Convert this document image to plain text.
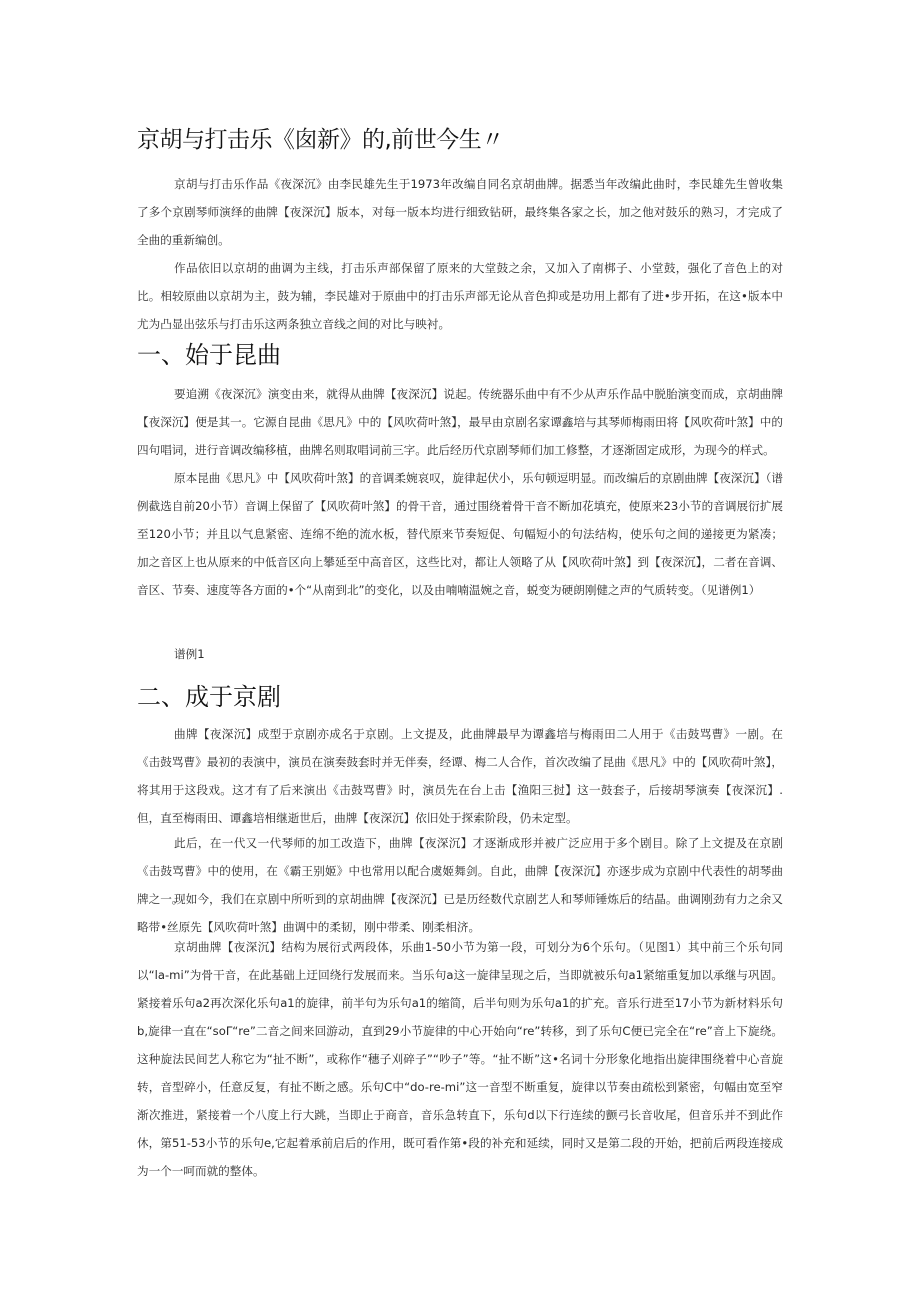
京胡与打击乐《囱新》的,前世今生〃

京胡与打击乐作品《夜深沉》由李民雄先生于1973年改编自同名京胡曲牌。据悉当年改编此曲时，李民雄先生曾收集了多个京剧琴师演绎的曲牌【夜深沉】版本，对每一版本均进行细致钻研，最终集各家之长，加之他对鼓乐的熟习，才完成了全曲的重新编创。

作品依旧以京胡的曲调为主线，打击乐声部保留了原来的大堂鼓之余，又加入了南梆子、小堂鼓，强化了音色上的对比。相较原曲以京胡为主，鼓为辅，李民雄对于原曲中的打击乐声部无论从音色抑或是功用上都有了进•步开拓，在这•版本中尤为凸显出弦乐与打击乐这两条独立音线之间的对比与映衬。

一、始于昆曲

要追溯《夜深沉》演变由来，就得从曲牌【夜深沉】说起。传统器乐曲中有不少从声乐作品中脱胎演变而成，京胡曲牌【夜深沉】便是其一。它源自昆曲《思凡》中的【风吹荷叶煞】，最早由京剧名家谭鑫培与其琴师梅雨田将【风吹荷叶煞】中的四句唱词，进行音调改编移植，曲牌名则取唱词前三字。此后经历代京剧琴师们加工修整，才逐渐固定成形，为现今的样式。

原本昆曲《思凡》中【风吹荷叶煞】的音调柔婉哀叹，旋律起伏小，乐句顿逗明显。而改编后的京剧曲牌【夜深沉】（谱例截选自前20小节）音调上保留了【风吹荷叶煞】的骨干音，通过围绕着骨干音不断加花填充，使原来23小节的音调展衍扩展至120小节；并且以气息紧密、连绵不绝的流水板，替代原来节奏短促、句幅短小的句法结构，使乐句之间的递接更为紧凑；加之音区上也从原来的中低音区向上攀延至中高音区，这些比对，都让人领略了从【风吹荷叶煞】到【夜深沉】，二者在音调、音区、节奏、速度等各方面的•个“从南到北”的变化，以及由喃喃温婉之音，蜕变为硬朗刚健之声的气质转变。（见谱例1）

谱例1
二、成于京剧

曲牌【夜深沉】成型于京剧亦成名于京剧。上文提及，此曲牌最早为谭鑫培与梅雨田二人用于《击鼓骂曹》一剧。在《击鼓骂曹》最初的表演中，演员在演奏鼓套时并无伴奏，经谭、梅二人合作，首次改编了昆曲《思凡》中的【风吹荷叶煞】，将其用于这段戏。这才有了后来演出《击鼓骂曹》时，演员先在台上击【渔阳三挝】这一鼓套子，后接胡琴演奏【夜深沉】.但，直至梅雨田、谭鑫培相继逝世后，曲牌【夜深沉】依旧处于探索阶段，仍未定型。

此后，在一代又一代琴师的加工改造下，曲牌【夜深沉】才逐渐成形并被广泛应用于多个剧目。除了上文提及在京剧《击鼓骂曹》中的使用，在《霸王别姬》中也常用以配合虞姬舞剑。自此，曲牌【夜深沉】亦逐步成为京剧中代表性的胡琴曲牌之一。

现如今，我们在京剧中所听到的京胡曲牌【夜深沉】已是历经数代京剧艺人和琴师锤炼后的结晶。曲调刚劲有力之余又略带•丝原先【风吹荷叶煞】曲调中的柔韧，刚中带柔、刚柔相济。

京胡曲牌【夜深沉】结构为展衍式两段体，乐曲1-50小节为第一段，可划分为6个乐句。（见图1）其中前三个乐句同以“la-mi”为骨干音，在此基础上迂回绕行发展而来。当乐句a这一旋律呈现之后，当即就被乐句a1紧缩重复加以承继与巩固。紧接着乐句a2再次深化乐句a1的旋律，前半句为乐句a1的缩简，后半句则为乐句a1的扩充。音乐行进至17小节为新材料乐句b,旋律一直在“soΓ“re”二音之间来回游动，直到29小节旋律的中心开始向“re”转移，到了乐句C便已完全在“re”音上下旋绕。这种旋法民间艺人称它为“扯不断”，或称作“穗子刈碎子”“吵子”等。“扯不断”这•名词十分形象化地指出旋律围绕着中心音旋转，音型碎小，任意反复，有扯不断之感。乐句C中“do-re-mi”这一音型不断重复，旋律以节奏由疏松到紧密，句幅由宽至窄渐次推进，紧接着一个八度上行大跳，当即止于商音，音乐急转直下，乐句d以下行连续的颤弓长音收尾，但音乐并不到此作休，第51-53小节的乐句e,它起着承前启后的作用，既可看作第•段的补充和延续，同时又是第二段的开始，把前后两段连接成为一个一呵而就的整体。
